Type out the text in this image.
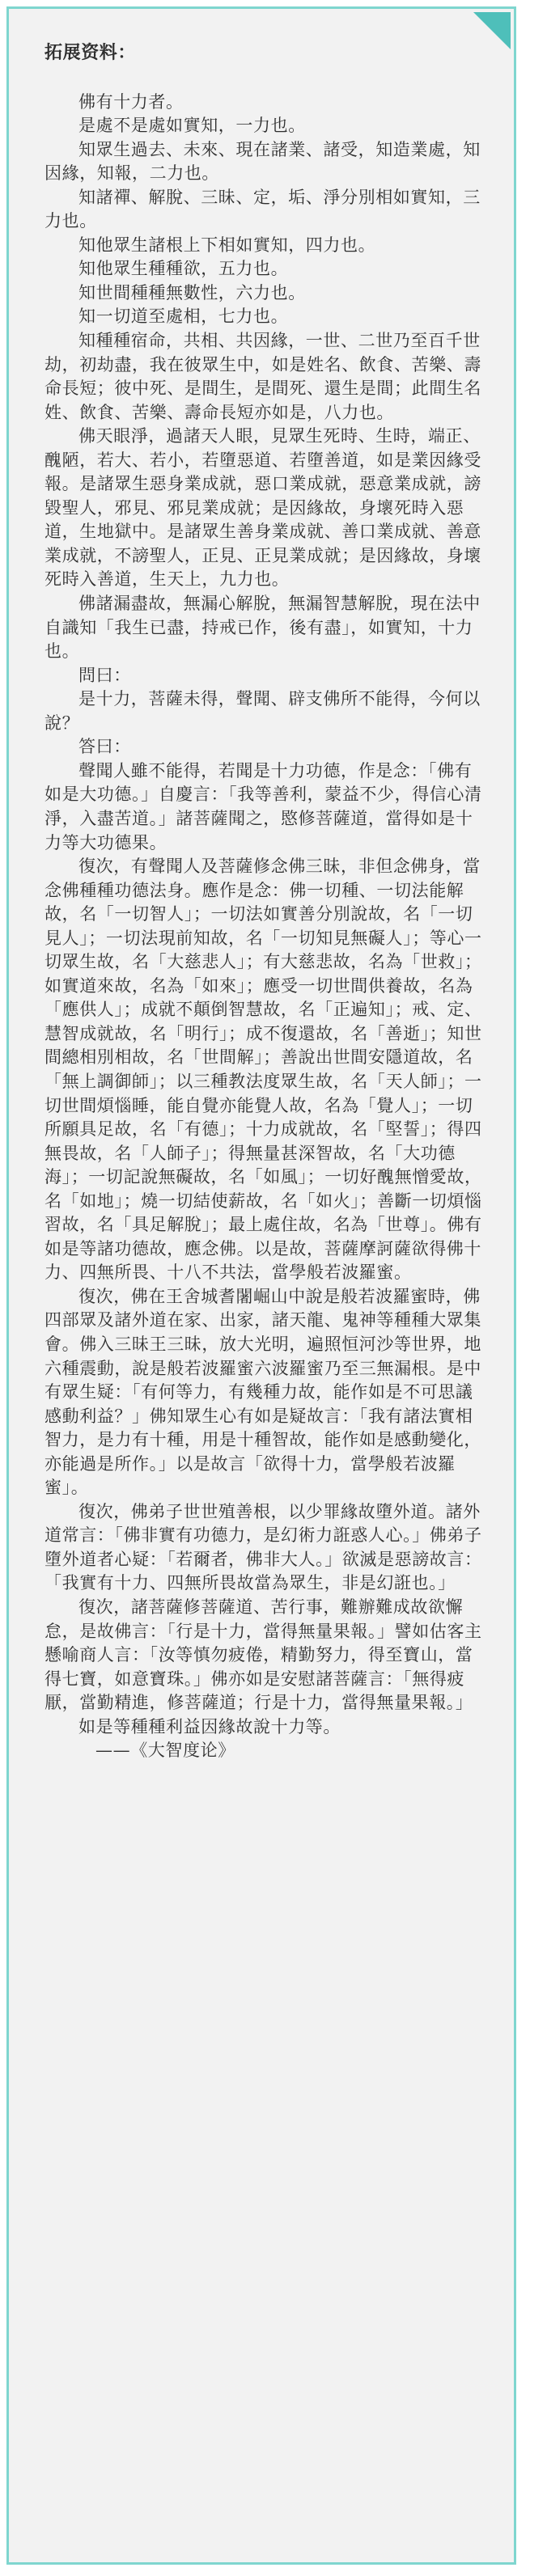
拓展资料：

佛有十力者。

是處不是處如實知，一力也。

知眾生過去、未來、現在諸業、諸受，知造業處，知因緣，知報，二力也。

知諸禪、解脫、三昧、定，垢、淨分別相如實知，三力也。

知他眾生諸根上下相如實知，四力也。

知他眾生種種欲，五力也。

知世間種種無數性，六力也。

知一切道至處相，七力也。

知種種宿命，共相、共因緣，一世、二世乃至百千世劫，初劫盡，我在彼眾生中，如是姓名、飲食、苦樂、壽命長短；彼中死、是間生，是間死、還生是間；此間生名姓、飲食、苦樂、壽命長短亦如是，八力也。

佛天眼淨，過諸天人眼，見眾生死時、生時，端正、醜陋，若大、若小，若墮惡道、若墮善道，如是業因緣受報。是諸眾生惡身業成就，惡口業成就，惡意業成就，謗毀聖人，邪見、邪見業成就；是因緣故，身壞死時入惡道，生地獄中。是諸眾生善身業成就、善口業成就、善意業成就，不謗聖人，正見、正見業成就；是因緣故，身壞死時入善道，生天上，九力也。

佛諸漏盡故，無漏心解脫，無漏智慧解脫，現在法中自識知「我生已盡，持戒已作，後有盡」，如實知，十力也。

問曰：

是十力，菩薩未得，聲聞、辟支佛所不能得，今何以說？

答曰：

聲聞人雖不能得，若聞是十力功德，作是念：「佛有如是大功德。」自慶言：「我等善利，蒙益不少，得信心清淨，入盡苦道。」諸菩薩聞之，愍修菩薩道，當得如是十力等大功德果。

復次，有聲聞人及菩薩修念佛三昧，非但念佛身，當念佛種種功德法身。應作是念：佛一切種、一切法能解故，名「一切智人」；一切法如實善分別說故，名「一切見人」；一切法現前知故，名「一切知見無礙人」；等心一切眾生故，名「大慈悲人」；有大慈悲故，名為「世救」；如實道來故，名為「如來」；應受一切世間供養故，名為「應供人」；成就不顛倒智慧故，名「正遍知」；戒、定、慧智成就故，名「明行」；成不復還故，名「善逝」；知世間總相別相故，名「世間解」；善說出世間安隱道故，名「無上調御師」；以三種教法度眾生故，名「天人師」；一切世間煩惱睡，能自覺亦能覺人故，名為「覺人」；一切所願具足故，名「有德」；十力成就故，名「堅誓」；得四無畏故，名「人師子」；得無量甚深智故，名「大功德海」；一切記說無礙故，名「如風」；一切好醜無憎愛故，名「如地」；燒一切結使薪故，名「如火」；善斷一切煩惱習故，名「具足解脫」；最上處住故，名為「世尊」。佛有如是等諸功德故，應念佛。以是故，菩薩摩訶薩欲得佛十力、四無所畏、十八不共法，當學般若波羅蜜。

復次，佛在王舍城耆闍崛山中說是般若波羅蜜時，佛四部眾及諸外道在家、出家，諸天龍、鬼神等種種大眾集會。佛入三昧王三昧，放大光明，遍照恒河沙等世界，地六種震動，說是般若波羅蜜六波羅蜜乃至三無漏根。是中有眾生疑：「有何等力，有幾種力故，能作如是不可思議感動利益？」佛知眾生心有如是疑故言：「我有諸法實相智力，是力有十種，用是十種智故，能作如是感動變化，亦能過是所作。」以是故言「欲得十力，當學般若波羅蜜」。

復次，佛弟子世世殖善根，以少罪緣故墮外道。諸外道常言：「佛非實有功德力，是幻術力誑惑人心。」佛弟子墮外道者心疑：「若爾者，佛非大人。」欲滅是惡謗故言：「我實有十力、四無所畏故當為眾生，非是幻誑也。」

復次，諸菩薩修菩薩道、苦行事，難辦難成故欲懈怠，是故佛言：「行是十力，當得無量果報。」譬如估客主懸喻商人言：「汝等慎勿疲倦，精勤努力，得至寶山，當得七寶，如意寶珠。」佛亦如是安慰諸菩薩言：「無得疲厭，當勤精進，修菩薩道；行是十力，當得無量果報。」

如是等種種利益因緣故說十力等。

——《大智度论》
